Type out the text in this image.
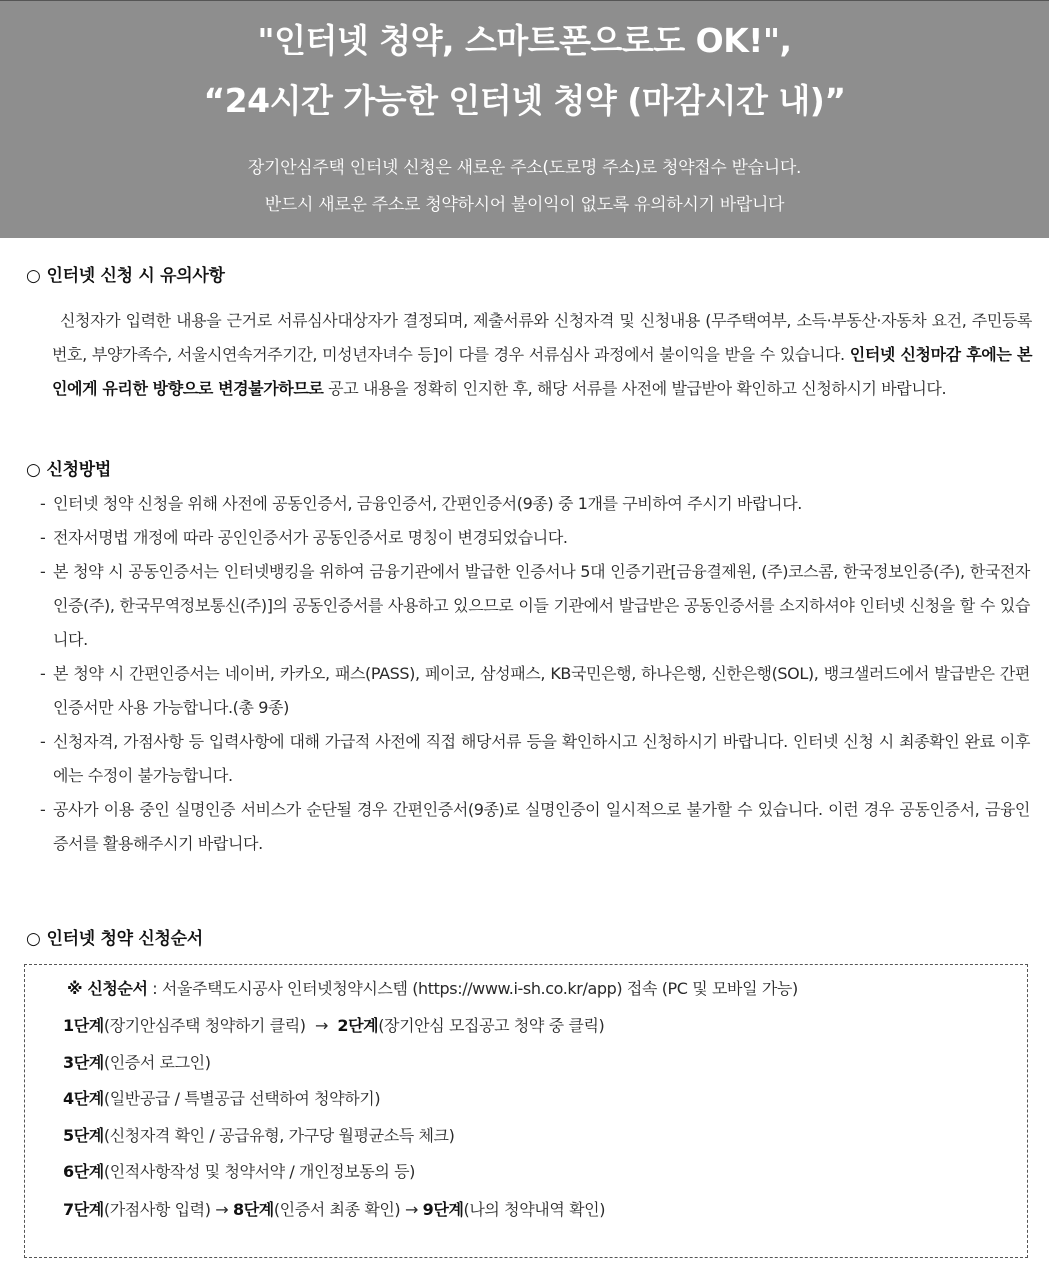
"인터넷 청약, 스마트폰으로도 OK!",
“24시간 가능한 인터넷 청약 (마감시간 내)”
장기안심주택 인터넷 신청은 새로운 주소(도로명 주소)로 청약접수 받습니다.
반드시 새로운 주소로 청약하시어 불이익이 없도록 유의하시기 바랍니다
○ 인터넷 신청 시 유의사항
신청자가 입력한 내용을 근거로 서류심사대상자가 결정되며, 제출서류와 신청자격 및 신청내용 (무주택여부, 소득·부동산·자동차 요건, 주민등록번호, 부양가족수, 서울시연속거주기간, 미성년자녀수 등]이 다를 경우 서류심사 과정에서 불이익을 받을 수 있습니다. 인터넷 신청마감 후에는 본인에게 유리한 방향으로 변경불가하므로 공고 내용을 정확히 인지한 후, 해당 서류를 사전에 발급받아 확인하고 신청하시기 바랍니다.
○ 신청방법
- 인터넷 청약 신청을 위해 사전에 공동인증서, 금융인증서, 간편인증서(9종) 중 1개를 구비하여 주시기 바랍니다.
- 전자서명법 개정에 따라 공인인증서가 공동인증서로 명칭이 변경되었습니다.
- 본 청약 시 공동인증서는 인터넷뱅킹을 위하여 금융기관에서 발급한 인증서나 5대 인증기관[금융결제원, (주)코스콤, 한국정보인증(주), 한국전자인증(주), 한국무역정보통신(주)]의 공동인증서를 사용하고 있으므로 이들 기관에서 발급받은 공동인증서를 소지하셔야 인터넷 신청을 할 수 있습니다.
- 본 청약 시 간편인증서는 네이버, 카카오, 패스(PASS), 페이코, 삼성패스, KB국민은행, 하나은행, 신한은행(SOL), 뱅크샐러드에서 발급받은 간편인증서만 사용 가능합니다.(총 9종)
- 신청자격, 가점사항 등 입력사항에 대해 가급적 사전에 직접 해당서류 등을 확인하시고 신청하시기 바랍니다. 인터넷 신청 시 최종확인 완료 이후에는 수정이 불가능합니다.
- 공사가 이용 중인 실명인증 서비스가 순단될 경우 간편인증서(9종)로 실명인증이 일시적으로 불가할 수 있습니다. 이런 경우 공동인증서, 금융인증서를 활용해주시기 바랍니다.
○ 인터넷 청약 신청순서
※ 신청순서 : 서울주택도시공사 인터넷청약시스템 (https://www.i-sh.co.kr/app) 접속 (PC 및 모바일 가능)
1단계(장기안심주택 청약하기 클릭) → 2단계(장기안심 모집공고 청약 중 클릭)
3단계(인증서 로그인)
4단계(일반공급 / 특별공급 선택하여 청약하기)
5단계(신청자격 확인 / 공급유형, 가구당 월평균소득 체크)
6단계(인적사항작성 및 청약서약 / 개인정보동의 등)
7단계(가점사항 입력) → 8단계(인증서 최종 확인) → 9단계(나의 청약내역 확인)
